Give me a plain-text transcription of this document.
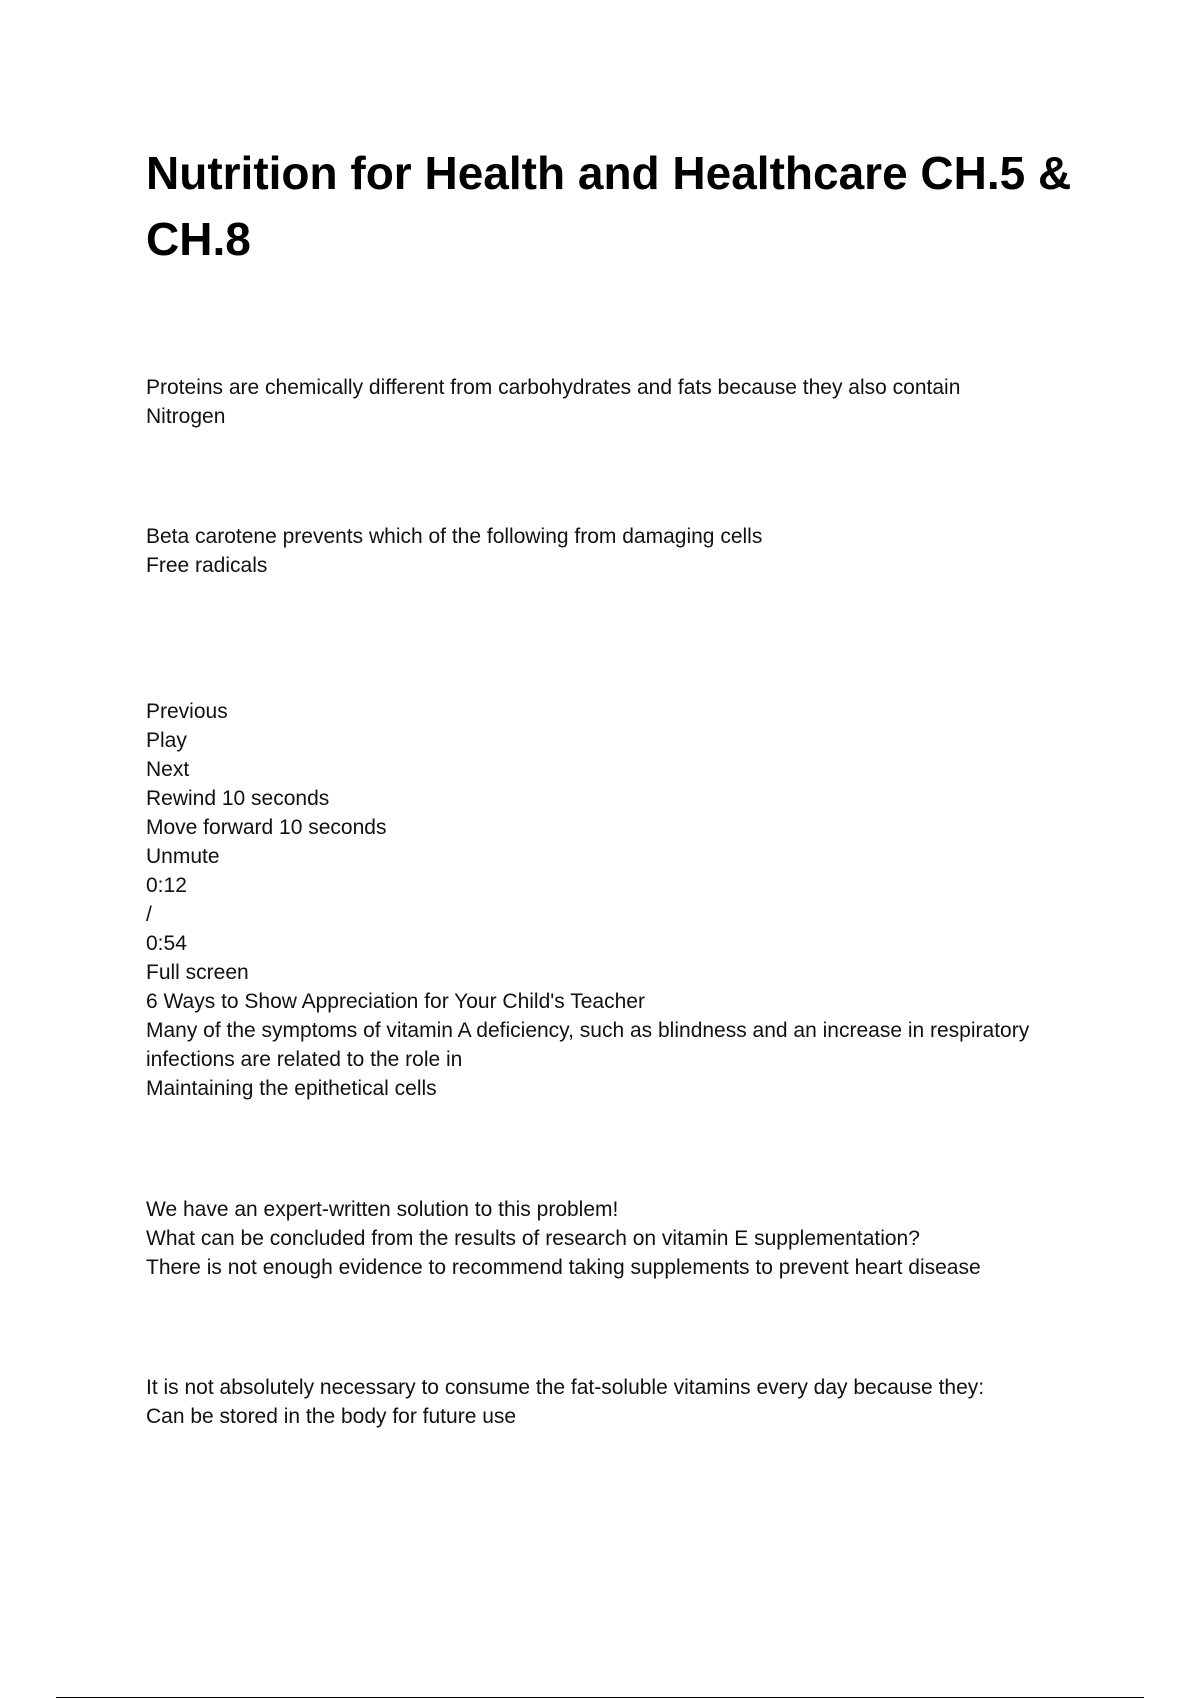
Nutrition for Health and Healthcare CH.5 & CH.8

Proteins are chemically different from carbohydrates and fats because they also contain

Nitrogen

Beta carotene prevents which of the following from damaging cells

Free radicals

Previous

Play

Next

Rewind 10 seconds

Move forward 10 seconds

Unmute

0:12

/

0:54

Full screen

6 Ways to Show Appreciation for Your Child's Teacher

Many of the symptoms of vitamin A deficiency, such as blindness and an increase in respiratory

infections are related to the role in

Maintaining the epithetical cells

We have an expert-written solution to this problem!

What can be concluded from the results of research on vitamin E supplementation?

There is not enough evidence to recommend taking supplements to prevent heart disease

It is not absolutely necessary to consume the fat-soluble vitamins every day because they:

Can be stored in the body for future use
